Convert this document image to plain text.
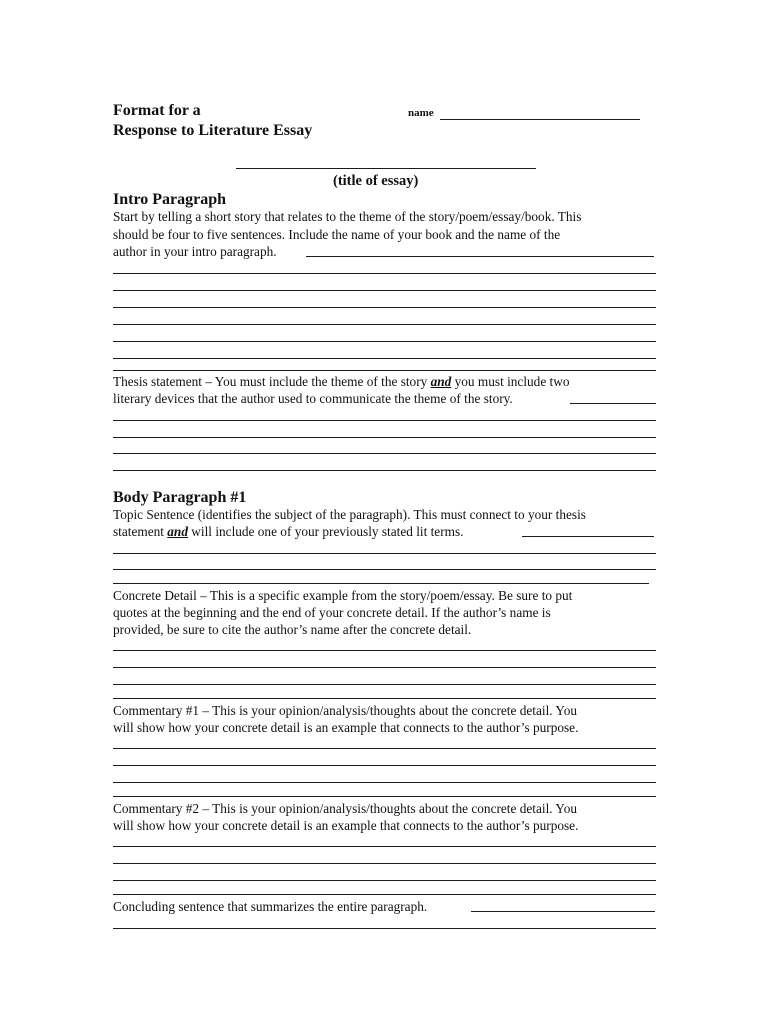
Format for a
Response to Literature Essay
name
(title of essay)
Intro Paragraph
Start by telling a short story that relates to the theme of the story/poem/essay/book. This
should be four to five sentences. Include the name of your book and the name of the
author in your intro paragraph.
Thesis statement – You must include the theme of the story and you must include two
literary devices that the author used to communicate the theme of the story.
Body Paragraph #1
Topic Sentence (identifies the subject of the paragraph). This must connect to your thesis
statement and will include one of your previously stated lit terms.
Concrete Detail – This is a specific example from the story/poem/essay. Be sure to put
quotes at the beginning and the end of your concrete detail. If the author’s name is
provided, be sure to cite the author’s name after the concrete detail.
Commentary #1 – This is your opinion/analysis/thoughts about the concrete detail. You
will show how your concrete detail is an example that connects to the author’s purpose.
Commentary #2 – This is your opinion/analysis/thoughts about the concrete detail. You
will show how your concrete detail is an example that connects to the author’s purpose.
Concluding sentence that summarizes the entire paragraph.
